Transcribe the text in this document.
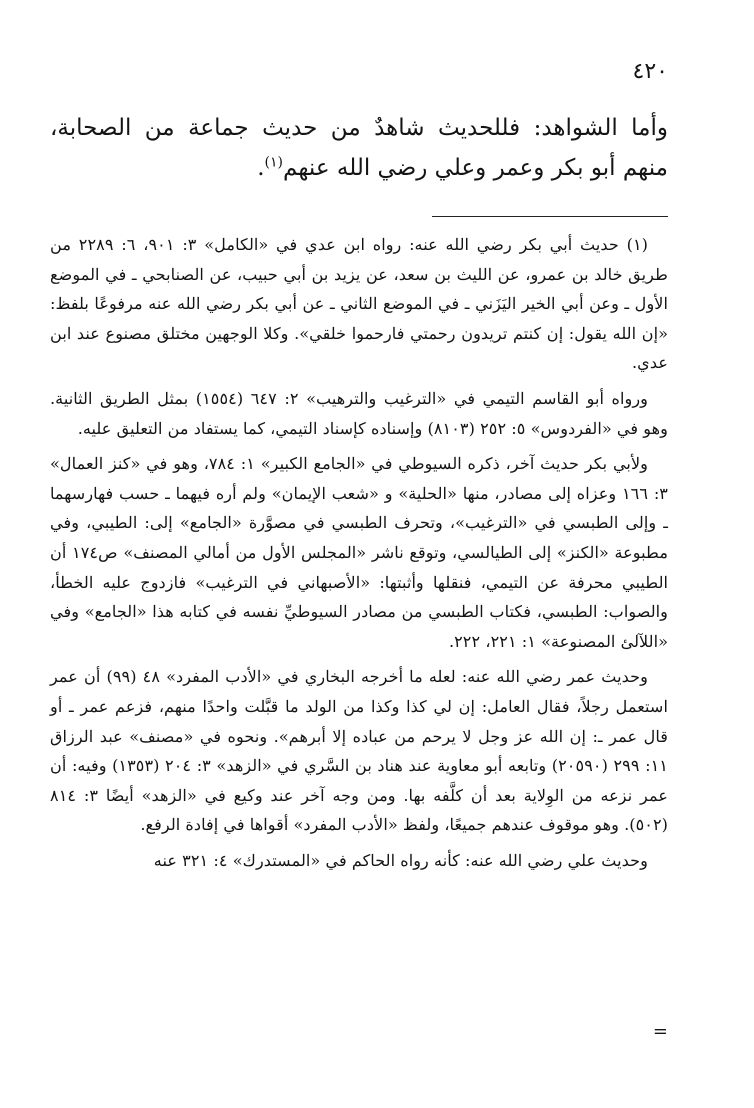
٤٢٠

وأما الشواهد: فللحديث شاهدٌ من حديث جماعة من الصحابة، منهم أبو بكر وعمر وعلي رضي الله عنهم$^{(١)}$.

(١) حديث أبي بكر رضي الله عنه: رواه ابن عدي في «الكامل» ٣: ٩٠١، ٦: ٢٢٨٩ من طريق خالد بن عمرو، عن الليث بن سعد، عن يزيد بن أبي حبيب، عن الصنابحي ـ في الموضع الأول ـ وعن أبي الخير اليَزَني ـ في الموضع الثاني ـ عن أبي بكر رضي الله عنه مرفوعًا بلفظ: «إن الله يقول: إن كنتم تريدون رحمتي فارحموا خلقي». وكلا الوجهين مختلق مصنوع عند ابن عدي.

ورواه أبو القاسم التيمي في «الترغيب والترهيب» ٢: ٦٤٧ (١٥٥٤) بمثل الطريق الثانية. وهو في «الفردوس» ٥: ٢٥٢ (٨١٠٣) وإسناده كإسناد التيمي، كما يستفاد من التعليق عليه.

ولأبي بكر حديث آخر، ذكره السيوطي في «الجامع الكبير» ١: ٧٨٤، وهو في «كنز العمال» ٣: ١٦٦ وعزاه إلى مصادر، منها «الحلية» و «شعب الإيمان» ولم أره فيهما ـ حسب فهارسهما ـ وإلى الطبسي في «الترغيب»، وتحرف الطبسي في مصوَّرة «الجامع» إلى: الطيبي، وفي مطبوعة «الكنز» إلى الطيالسي، وتوقع ناشر «المجلس الأول من أمالي المصنف» ص١٧٤ أن الطيبي محرفة عن التيمي، فنقلها وأثبتها: «الأصبهاني في الترغيب» فازدوج عليه الخطأ، والصواب: الطبسي، فكتاب الطبسي من مصادر السيوطيِّ نفسه في كتابه هذا «الجامع» وفي «اللآلئ المصنوعة» ١: ٢٢١، ٢٢٢.

وحديث عمر رضي الله عنه: لعله ما أخرجه البخاري في «الأدب المفرد» ٤٨ (٩٩) أن عمر استعمل رجلاً، فقال العامل: إن لي كذا وكذا من الولد ما قبَّلت واحدًا منهم، فزعم عمر ـ أو قال عمر ـ: إن الله عز وجل لا يرحم من عباده إلا أبرهم». ونحوه في «مصنف» عبد الرزاق ١١: ٢٩٩ (٢٠٥٩٠) وتابعه أبو معاوية عند هناد بن السَّري في «الزهد» ٣: ٢٠٤ (١٣٥٣) وفيه: أن عمر نزعه من الوِلاية بعد أن كلَّفه بها. ومن وجه آخر عند وكيع في «الزهد» أيضًا ٣: ٨١٤ (٥٠٢). وهو موقوف عندهم جميعًا، ولفظ «الأدب المفرد» أقواها في إفادة الرفع.

وحديث علي رضي الله عنه: كأنه رواه الحاكم في «المستدرك» ٤: ٣٢١ عنه

=
